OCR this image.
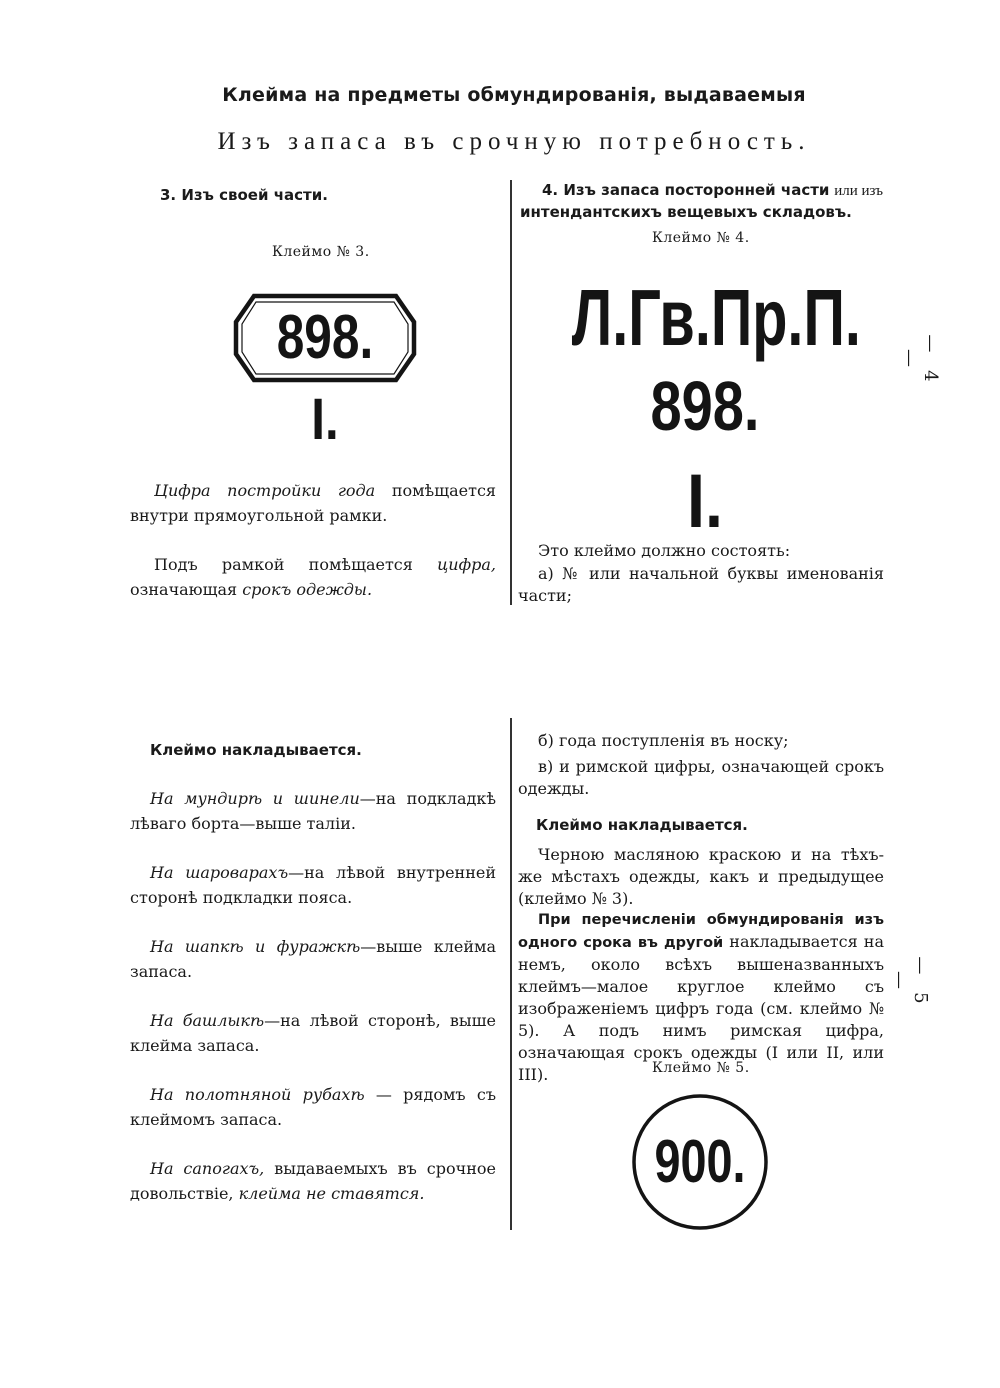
Клейма на предметы обмундированія, выдаваемыя
Изъ запаса въ срочную потребность.
3. Изъ своей части.
Клеймо № 3.
898.
I.
Цифра постройки года помѣщается внутри прямоугольной рамки.
Подъ рамкой помѣщается цифра, означающая срокъ одежды.
4. Изъ запаса посторонней части или изъ
интендантскихъ вещевыхъ складовъ.
Клеймо № 4.
Л.Гв.Пр.П.
898.
I.
Это клеймо должно состоять:
а) № или начальной буквы именованія части;
Клеймо накладывается.
На мундирѣ и шинели—на подкладкѣ лѣваго борта—выше таліи.
На шароварахъ—на лѣвой внутренней сторонѣ подкладки пояса.
На шапкѣ и фуражкѣ—выше клейма запаса.
На башлыкѣ—на лѣвой сторонѣ, выше клейма запаса.
На полотняной рубахѣ — рядомъ съ клеймомъ запаса.
На сапогахъ, выдаваемыхъ въ срочное довольствіе, клейма не ставятся.
б) года поступленія въ носку;
в) и римской цифры, означающей срокъ одежды.
Клеймо накладывается.
Черною масляною краскою и на тѣхъ-же мѣстахъ одежды, какъ и предыдущее (клеймо № 3).
При перечисленіи обмундированія изъ одного срока въ другой накладывается на немъ, около всѣхъ вышеназванныхъ клеймъ—малое круглое клеймо съ изображеніемъ цифръ года (см. клеймо № 5). А подъ нимъ римская цифра, означающая срокъ одежды (I или II, или III).	Клеймо № 5.
900.
— 4 —
— 5 —
